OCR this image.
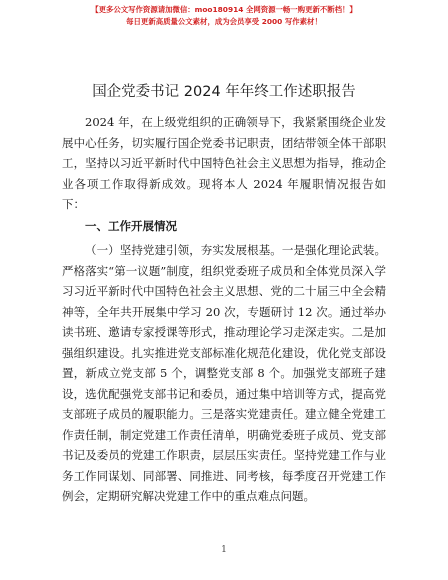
【更多公文写作资源请加微信：moo180914 全网资源一畅一购更新不断档！】
每日更新高质量公文素材，成为会员享受 2000 写作素材！
国企党委书记 2024 年年终工作述职报告

2024 年，在上级党组织的正确领导下，我紧紧围绕企业发展中心任务，切实履行国企党委书记职责，团结带领全体干部职工，坚持以习近平新时代中国特色社会主义思想为指导，推动企业各项工作取得新成效。现将本人 2024 年履职情况报告如下：

一、工作开展情况

（一）坚持党建引领，夯实发展根基。一是强化理论武装。严格落实“第一议题”制度，组织党委班子成员和全体党员深入学习习近平新时代中国特色社会主义思想、党的二十届三中全会精神等，全年共开展集中学习 20 次，专题研讨 12 次。通过举办读书班、邀请专家授课等形式，推动理论学习走深走实。二是加强组织建设。扎实推进党支部标准化规范化建设，优化党支部设置，新成立党支部 5 个，调整党支部 8 个。加强党支部班子建设，选优配强党支部书记和委员，通过集中培训等方式，提高党支部班子成员的履职能力。三是落实党建责任。建立健全党建工作责任制，制定党建工作责任清单，明确党委班子成员、党支部书记及委员的党建工作职责，层层压实责任。坚持党建工作与业务工作同谋划、同部署、同推进、同考核，每季度召开党建工作例会，定期研究解决党建工作中的重点难点问题。

1
